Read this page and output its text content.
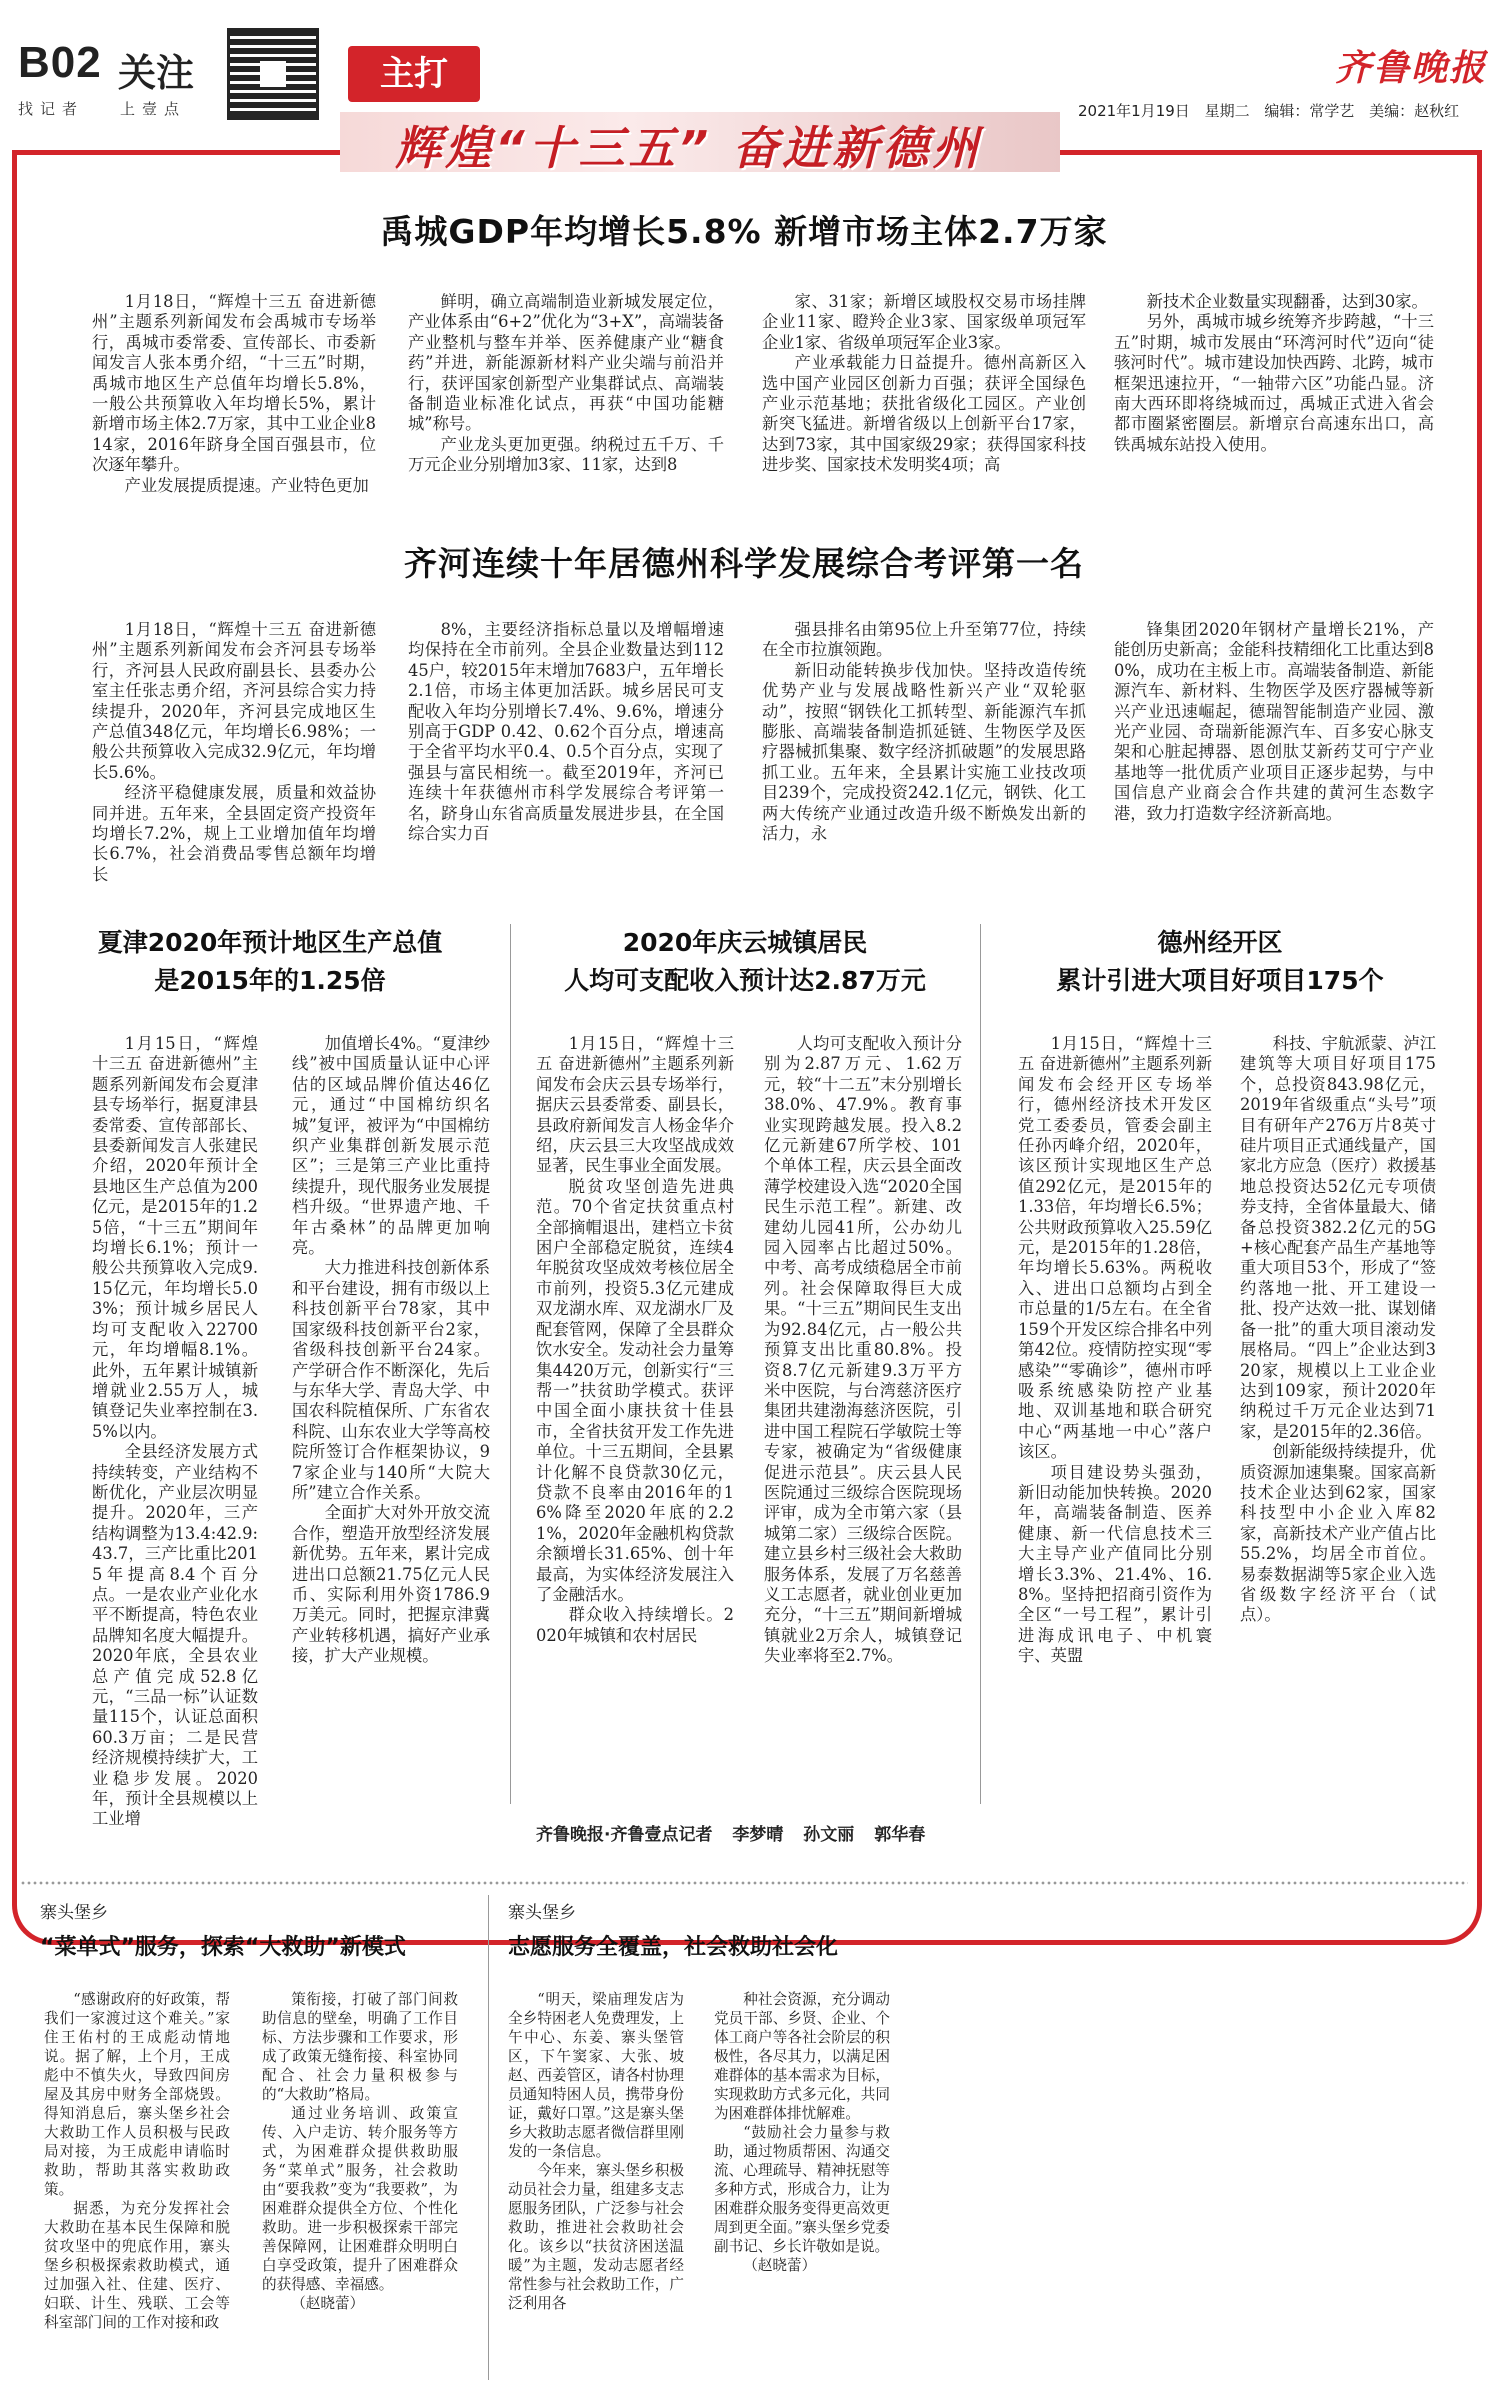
B02 关注
找记者 上壹点
主打
辉煌“十三五” 奋进新德州
齐鲁晚报
2021年1月19日 星期二 编辑：常学艺 美编：赵秋红
禹城GDP年均增长5.8% 新增市场主体2.7万家

1月18日，“辉煌十三五 奋进新德州”主题系列新闻发布会禹城市专场举行，禹城市委常委、宣传部长、市委新闻发言人张本勇介绍，“十三五”时期，禹城市地区生产总值年均增长5.8%，一般公共预算收入年均增长5%，累计新增市场主体2.7万家，其中工业企业814家，2016年跻身全国百强县市，位次逐年攀升。

产业发展提质提速。产业特色更加

鲜明，确立高端制造业新城发展定位，产业体系由“6+2”优化为“3+X”，高端装备产业整机与整车并举、医养健康产业“糖食药”并进，新能源新材料产业尖端与前沿并行，获评国家创新型产业集群试点、高端装备制造业标准化试点，再获“中国功能糖城”称号。

产业龙头更加更强。纳税过五千万、千万元企业分别增加3家、11家，达到8

家、31家；新增区域股权交易市场挂牌企业11家、瞪羚企业3家、国家级单项冠军企业1家、省级单项冠军企业3家。

产业承载能力日益提升。德州高新区入选中国产业园区创新力百强；获评全国绿色产业示范基地；获批省级化工园区。产业创新突飞猛进。新增省级以上创新平台17家，达到73家，其中国家级29家；获得国家科技进步奖、国家技术发明奖4项；高

新技术企业数量实现翻番，达到30家。

另外，禹城市城乡统筹齐步跨越，“十三五”时期，城市发展由“环湾河时代”迈向“徒骇河时代”。城市建设加快西跨、北跨，城市框架迅速拉开，“一轴带六区”功能凸显。济南大西环即将绕城而过，禹城正式进入省会都市圈紧密圈层。新增京台高速东出口，高铁禹城东站投入使用。

齐河连续十年居德州科学发展综合考评第一名

1月18日，“辉煌十三五 奋进新德州”主题系列新闻发布会齐河县专场举行，齐河县人民政府副县长、县委办公室主任张志勇介绍，齐河县综合实力持续提升，2020年，齐河县完成地区生产总值348亿元，年均增长6.98%；一般公共预算收入完成32.9亿元，年均增长5.6%。

经济平稳健康发展，质量和效益协同并进。五年来，全县固定资产投资年均增长7.2%，规上工业增加值年均增长6.7%，社会消费品零售总额年均增长

8%，主要经济指标总量以及增幅增速均保持在全市前列。全县企业数量达到11245户，较2015年末增加7683户，五年增长2.1倍，市场主体更加活跃。城乡居民可支配收入年均分别增长7.4%、9.6%，增速分别高于GDP 0.42、0.62个百分点，增速高于全省平均水平0.4、0.5个百分点，实现了强县与富民相统一。截至2019年，齐河已连续十年获德州市科学发展综合考评第一名，跻身山东省高质量发展进步县，在全国综合实力百

强县排名由第95位上升至第77位，持续在全市拉旗领跑。

新旧动能转换步伐加快。坚持改造传统优势产业与发展战略性新兴产业“双轮驱动”，按照“钢铁化工抓转型、新能源汽车抓膨胀、高端装备制造抓延链、生物医学及医疗器械抓集聚、数字经济抓破题”的发展思路抓工业。五年来，全县累计实施工业技改项目239个，完成投资242.1亿元，钢铁、化工两大传统产业通过改造升级不断焕发出新的活力，永

锋集团2020年钢材产量增长21%，产能创历史新高；金能科技精细化工比重达到80%，成功在主板上市。高端装备制造、新能源汽车、新材料、生物医学及医疗器械等新兴产业迅速崛起，德瑞智能制造产业园、激光产业园、奇瑞新能源汽车、百多安心脉支架和心脏起搏器、恩创肽艾新药艾可宁产业基地等一批优质产业项目正逐步起势，与中国信息产业商会合作共建的黄河生态数字港，致力打造数字经济新高地。

夏津2020年预计地区生产总值
是2015年的1.25倍

1月15日，“辉煌十三五 奋进新德州”主题系列新闻发布会夏津县专场举行，据夏津县委常委、宣传部部长、县委新闻发言人张建民介绍，2020年预计全县地区生产总值为200亿元，是2015年的1.25倍，“十三五”期间年均增长6.1%；预计一般公共预算收入完成9.15亿元，年均增长5.03%；预计城乡居民人均可支配收入22700元，年均增幅8.1%。此外，五年累计城镇新增就业2.55万人，城镇登记失业率控制在3.5%以内。

全县经济发展方式持续转变，产业结构不断优化，产业层次明显提升。2020年，三产结构调整为13.4:42.9:43.7，三产比重比2015年提高8.4个百分点。一是农业产业化水平不断提高，特色农业品牌知名度大幅提升。2020年底，全县农业总产值完成52.8亿元，“三品一标”认证数量115个，认证总面积60.3万亩；二是民营经济规模持续扩大，工业稳步发展。2020年，预计全县规模以上工业增

加值增长4%。“夏津纱线”被中国质量认证中心评估的区域品牌价值达46亿元，通过“中国棉纺织名城”复评，被评为“中国棉纺织产业集群创新发展示范区”；三是第三产业比重持续提升，现代服务业发展提档升级。“世界遗产地、千年古桑林”的品牌更加响亮。

大力推进科技创新体系和平台建设，拥有市级以上科技创新平台78家，其中国家级科技创新平台2家，省级科技创新平台24家。产学研合作不断深化，先后与东华大学、青岛大学、中国农科院植保所、广东省农科院、山东农业大学等高校院所签订合作框架协议，97家企业与140所“大院大所”建立合作关系。

全面扩大对外开放交流合作，塑造开放型经济发展新优势。五年来，累计完成进出口总额21.75亿元人民币、实际利用外资1786.9万美元。同时，把握京津冀产业转移机遇，搞好产业承接，扩大产业规模。

2020年庆云城镇居民
人均可支配收入预计达2.87万元

1月15日，“辉煌十三五 奋进新德州”主题系列新闻发布会庆云县专场举行，据庆云县委常委、副县长，县政府新闻发言人杨金华介绍，庆云县三大攻坚战成效显著，民生事业全面发展。

脱贫攻坚创造先进典范。70个省定扶贫重点村全部摘帽退出，建档立卡贫困户全部稳定脱贫，连续4年脱贫攻坚成效考核位居全市前列，投资5.3亿元建成双龙湖水库、双龙湖水厂及配套管网，保障了全县群众饮水安全。发动社会力量筹集4420万元，创新实行“三帮一”扶贫助学模式。获评中国全面小康扶贫十佳县市，全省扶贫开发工作先进单位。十三五期间，全县累计化解不良贷款30亿元，贷款不良率由2016年的16%降至2020年底的2.21%，2020年金融机构贷款余额增长31.65%、创十年最高，为实体经济发展注入了金融活水。

群众收入持续增长。2020年城镇和农村居民

人均可支配收入预计分别为2.87万元、1.62万元，较“十二五”末分别增长38.0%、47.9%。教育事业实现跨越发展。投入8.2亿元新建67所学校、101个单体工程，庆云县全面改薄学校建设入选“2020全国民生示范工程”。新建、改建幼儿园41所，公办幼儿园入园率占比超过50%。中考、高考成绩稳居全市前列。社会保障取得巨大成果。“十三五”期间民生支出为92.84亿元，占一般公共预算支出比重80.8%。投资8.7亿元新建9.3万平方米中医院，与台湾慈济医疗集团共建渤海慈济医院，引进中国工程院石学敏院士等专家，被确定为“省级健康促进示范县”。庆云县人民医院通过三级综合医院现场评审，成为全市第六家（县城第二家）三级综合医院。建立县乡村三级社会大救助服务体系，发展了万名慈善义工志愿者，就业创业更加充分，“十三五”期间新增城镇就业2万余人，城镇登记失业率将至2.7%。

德州经开区
累计引进大项目好项目175个

1月15日，“辉煌十三五 奋进新德州”主题系列新闻发布会经开区专场举行，德州经济技术开发区党工委委员，管委会副主任孙丙峰介绍，2020年，该区预计实现地区生产总值292亿元，是2015年的1.33倍，年均增长6.5%；公共财政预算收入25.59亿元，是2015年的1.28倍，年均增长5.63%。两税收入、进出口总额均占到全市总量的1/5左右。在全省159个开发区综合排名中列第42位。疫情防控实现“零感染”“零确诊”，德州市呼吸系统感染防控产业基地、双训基地和联合研究中心“两基地一中心”落户该区。

项目建设势头强劲，新旧动能加快转换。2020年，高端装备制造、医养健康、新一代信息技术三大主导产业产值同比分别增长3.3%、21.4%、16.8%。坚持把招商引资作为全区“一号工程”，累计引进海成讯电子、中机寰宇、英盟

科技、宇航派蒙、泸江建筑等大项目好项目175个，总投资843.98亿元，2019年省级重点“头号”项目有研年产276万片8英寸硅片项目正式通线量产，国家北方应急（医疗）救援基地总投资达52亿元专项债券支持，全省体量最大、储备总投资382.2亿元的5G+核心配套产品生产基地等重大项目53个，形成了“签约落地一批、开工建设一批、投产达效一批、谋划储备一批”的重大项目滚动发展格局。“四上”企业达到320家，规模以上工业企业达到109家，预计2020年纳税过千万元企业达到71家，是2015年的2.36倍。

创新能级持续提升，优质资源加速集聚。国家高新技术企业达到62家，国家科技型中小企业入库82家，高新技术产业产值占比55.2%，均居全市首位。易泰数据湖等5家企业入选省级数字经济平台（试点）。

齐鲁晚报·齐鲁壹点记者 李梦晴 孙文丽 郭华春
寨头堡乡
“菜单式”服务，探索“大救助”新模式

“感谢政府的好政策，帮我们一家渡过这个难关。”家住王佑村的王成彪动情地说。据了解，上个月，王成彪中不慎失火，导致四间房屋及其房中财务全部烧毁。得知消息后，寨头堡乡社会大救助工作人员积极与民政局对接，为王成彪申请临时救助，帮助其落实救助政策。

据悉，为充分发挥社会大救助在基本民生保障和脱贫攻坚中的兜底作用，寨头堡乡积极探索救助模式，通过加强入社、住建、医疗、妇联、计生、残联、工会等科室部门间的工作对接和政

策衔接，打破了部门间救助信息的壁垒，明确了工作目标、方法步骤和工作要求，形成了政策无缝衔接、科室协同配合、社会力量积极参与的“大救助”格局。

通过业务培训、政策宣传、入户走访、转介服务等方式，为困难群众提供救助服务“菜单式”服务，社会救助由“要我救”变为“我要救”，为困难群众提供全方位、个性化救助。进一步积极探索干部完善保障网，让困难群众明明白白享受政策，提升了困难群众的获得感、幸福感。

（赵晓蕾）

寨头堡乡
志愿服务全覆盖，社会救助社会化

“明天，梁庙理发店为全乡特困老人免费理发，上午中心、东姜、寨头堡管区，下午窦家、大张、坡赵、西姜管区，请各村协理员通知特困人员，携带身份证，戴好口罩。”这是寨头堡乡大救助志愿者微信群里刚发的一条信息。

今年来，寨头堡乡积极动员社会力量，组建多支志愿服务团队，广泛参与社会救助，推进社会救助社会化。该乡以“扶贫济困送温暖”为主题，发动志愿者经常性参与社会救助工作，广泛利用各

种社会资源，充分调动党员干部、乡贤、企业、个体工商户等各社会阶层的积极性，各尽其力，以满足困难群体的基本需求为目标，实现救助方式多元化，共同为困难群体排忧解难。

“鼓励社会力量参与救助，通过物质帮困、沟通交流、心理疏导、精神抚慰等多种方式，形成合力，让为困难群众服务变得更高效更周到更全面。”寨头堡乡党委副书记、乡长许敬如是说。

（赵晓蕾）
